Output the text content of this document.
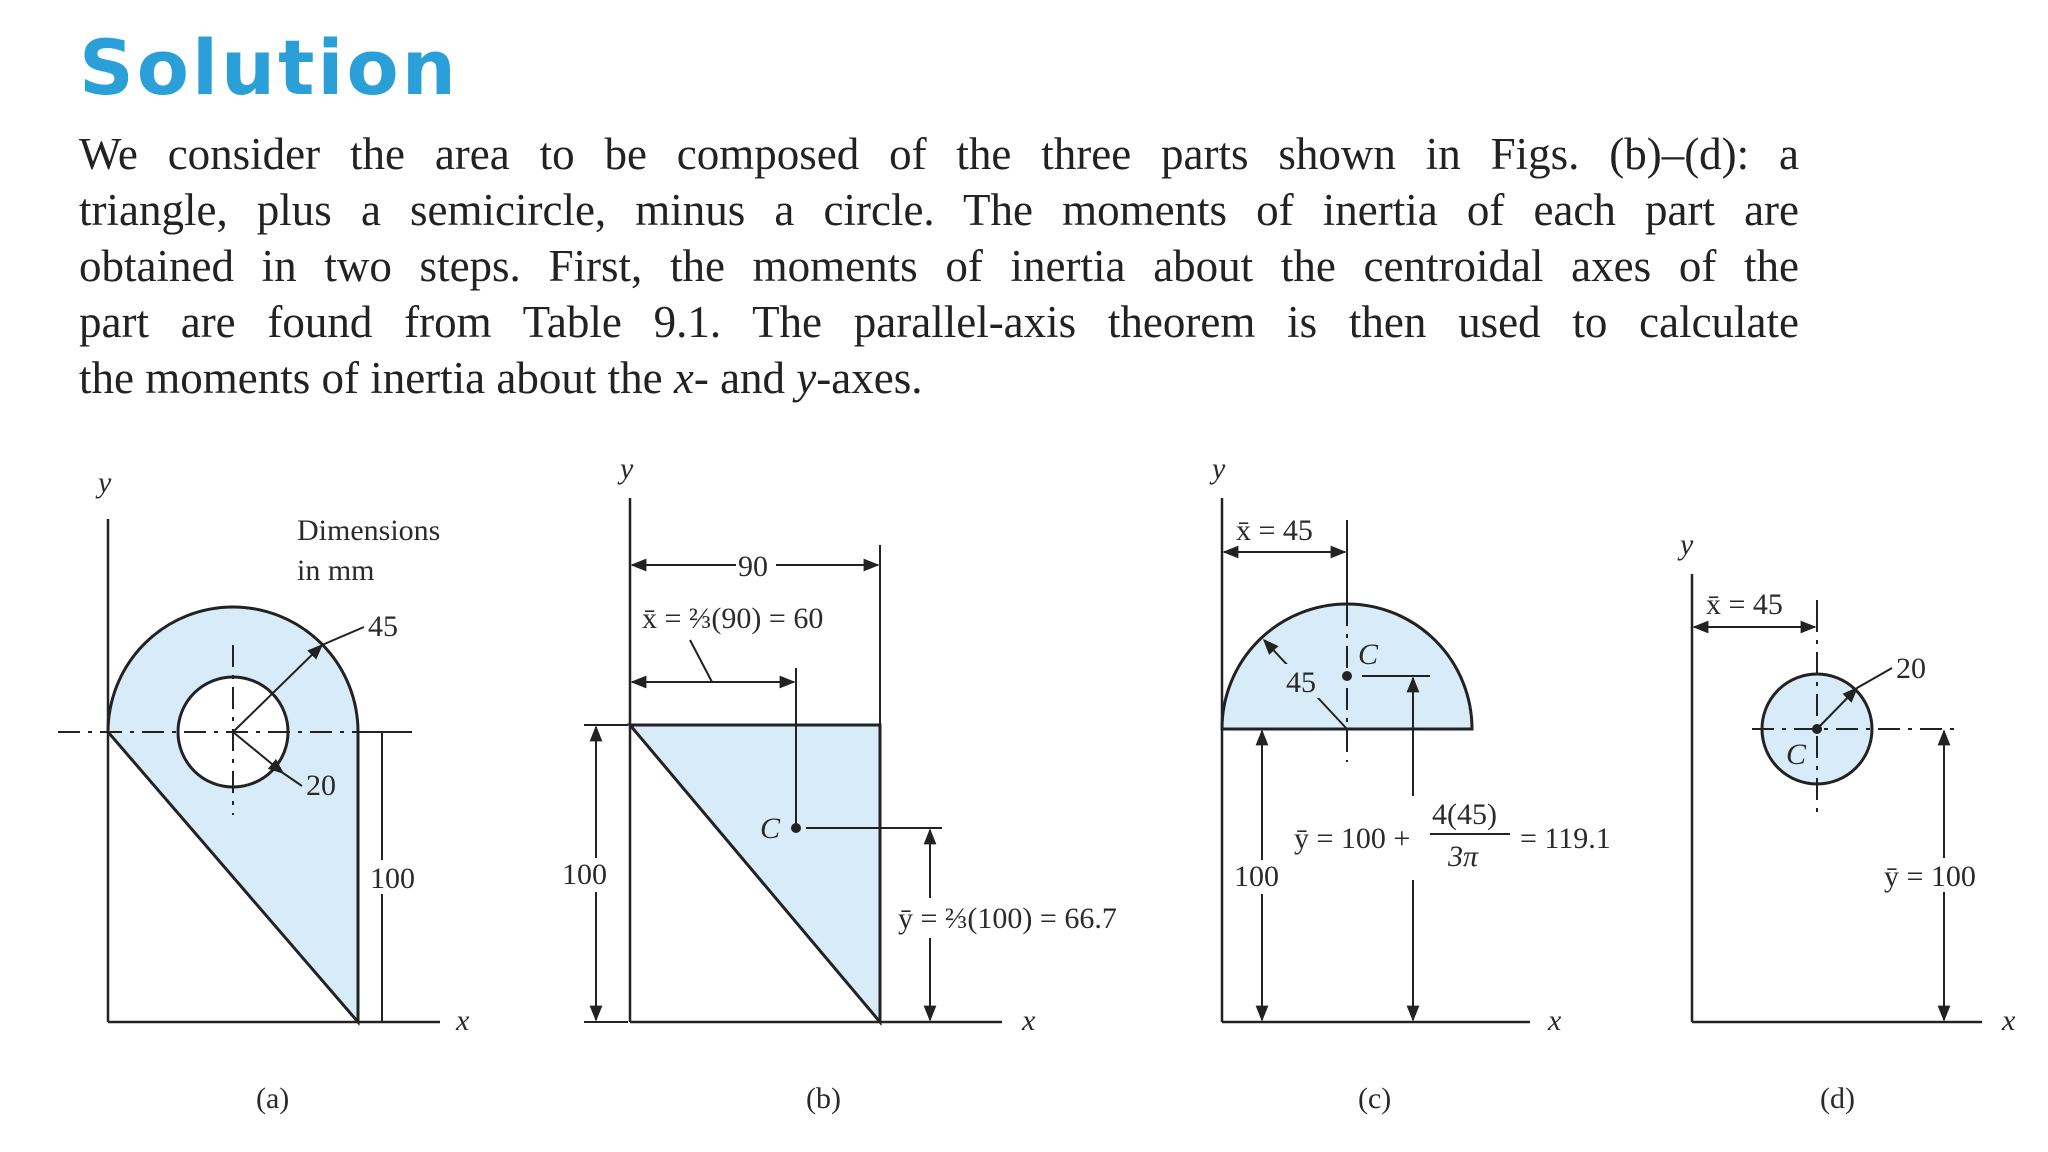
Solution
We consider the area to be composed of the three parts shown in Figs. (b)–(d): a
triangle, plus a semicircle, minus a circle. The moments of inertia of each part are
obtained in two steps. First, the moments of inertia about the centroidal axes of the
part are found from Table 9.1. The parallel-axis theorem is then used to calculate
the moments of inertia about the x- and y-axes.
y
x
45
20
Dimensions
in mm
100
(a)
y
x
90
x̄ = ⅔(90) = 60
C
ȳ = ⅔(100) = 66.7
100
(b)
y
x
x̄ = 45
45
C
ȳ = 100 +
4(45)
3π
= 119.1
100
(c)
y
x
x̄ = 45
20
C
ȳ = 100
(d)
